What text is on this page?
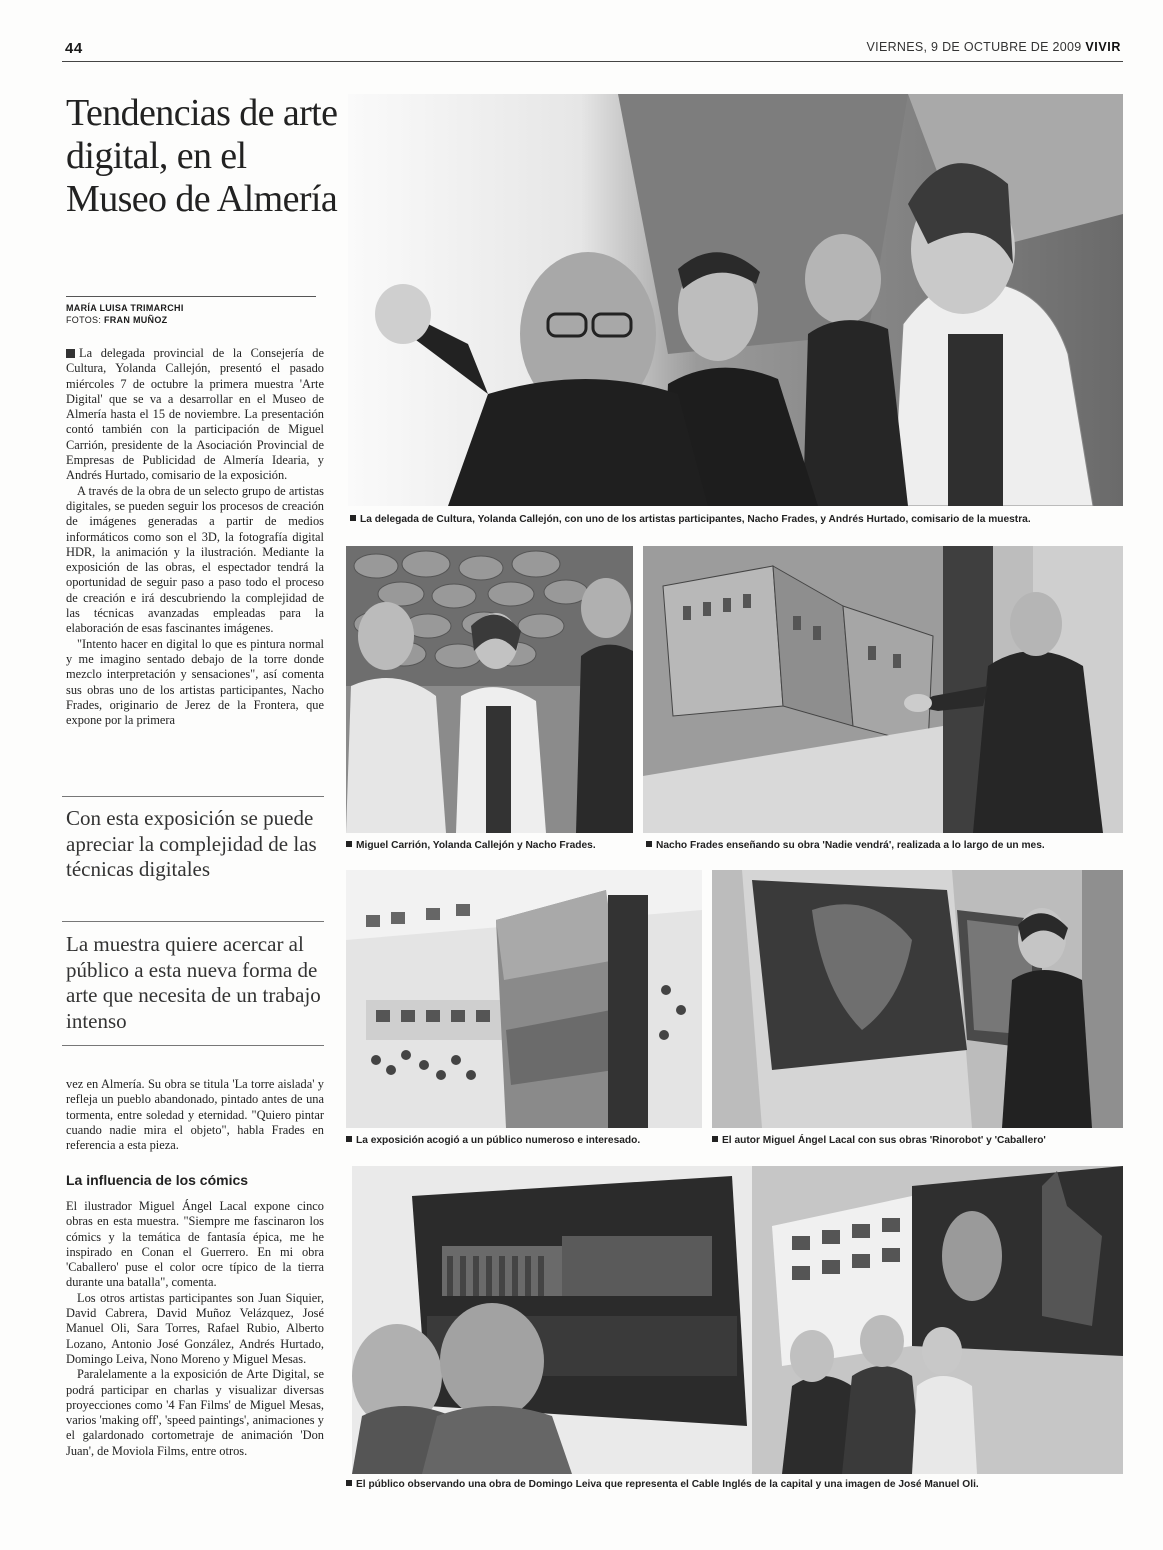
44	VIERNES, 9 DE OCTUBRE DE 2009 VIVIR
Tendencias de arte digital, en el Museo de Almería
MARÍA LUISA TRIMARCHI
FOTOS: FRAN MUÑOZ

La delegada provincial de la Consejería de Cultura, Yolanda Callejón, presentó el pasado miércoles 7 de octubre la primera muestra 'Arte Digital' que se va a desarrollar en el Museo de Almería hasta el 15 de noviembre. La presentación contó también con la participación de Miguel Carrión, presidente de la Asociación Provincial de Empresas de Publicidad de Almería Idearia, y Andrés Hurtado, comisario de la exposición.

A través de la obra de un selecto grupo de artistas digitales, se pueden seguir los procesos de creación de imágenes generadas a partir de medios informáticos como son el 3D, la fotografía digital HDR, la animación y la ilustración. Mediante la exposición de las obras, el espectador tendrá la oportunidad de seguir paso a paso todo el proceso de creación e irá descubriendo la complejidad de las técnicas avanzadas empleadas para la elaboración de esas fascinantes imágenes.

"Intento hacer en digital lo que es pintura normal y me imagino sentado debajo de la torre donde mezclo interpretación y sensaciones", así comenta sus obras uno de los artistas participantes, Nacho Frades, originario de Jerez de la Frontera, que expone por la primera

Con esta exposición se puede apreciar la complejidad de las técnicas digitales

La muestra quiere acercar al público a esta nueva forma de arte que necesita de un trabajo intenso

vez en Almería. Su obra se titula 'La torre aislada' y refleja un pueblo abandonado, pintado antes de una tormenta, entre soledad y eternidad. "Quiero pintar cuando nadie mira el objeto", habla Frades en referencia a esta pieza.

La influencia de los cómics

El ilustrador Miguel Ángel Lacal expone cinco obras en esta muestra. "Siempre me fascinaron los cómics y la temática de fantasía épica, me he inspirado en Conan el Guerrero. En mi obra 'Caballero' puse el color ocre típico de la tierra durante una batalla", comenta.

Los otros artistas participantes son Juan Siquier, David Cabrera, David Muñoz Velázquez, José Manuel Oli, Sara Torres, Rafael Rubio, Alberto Lozano, Antonio José González, Andrés Hurtado, Domingo Leiva, Nono Moreno y Miguel Mesas.

Paralelamente a la exposición de Arte Digital, se podrá participar en charlas y visualizar diversas proyecciones como '4 Fan Films' de Miguel Mesas, varios 'making off', 'speed paintings', animaciones y el galardonado cortometraje de animación 'Don Juan', de Moviola Films, entre otros.

La delegada de Cultura, Yolanda Callejón, con uno de los artistas participantes, Nacho Frades, y Andrés Hurtado, comisario de la muestra.
Miguel Carrión, Yolanda Callejón y Nacho Frades.	Nacho Frades enseñando su obra 'Nadie vendrá', realizada a lo largo de un mes.
La exposición acogió a un público numeroso e interesado.	El autor Miguel Ángel Lacal con sus obras 'Rinorobot' y 'Caballero'
El público observando una obra de Domingo Leiva que representa el Cable Inglés de la capital y una imagen de José Manuel Oli.
